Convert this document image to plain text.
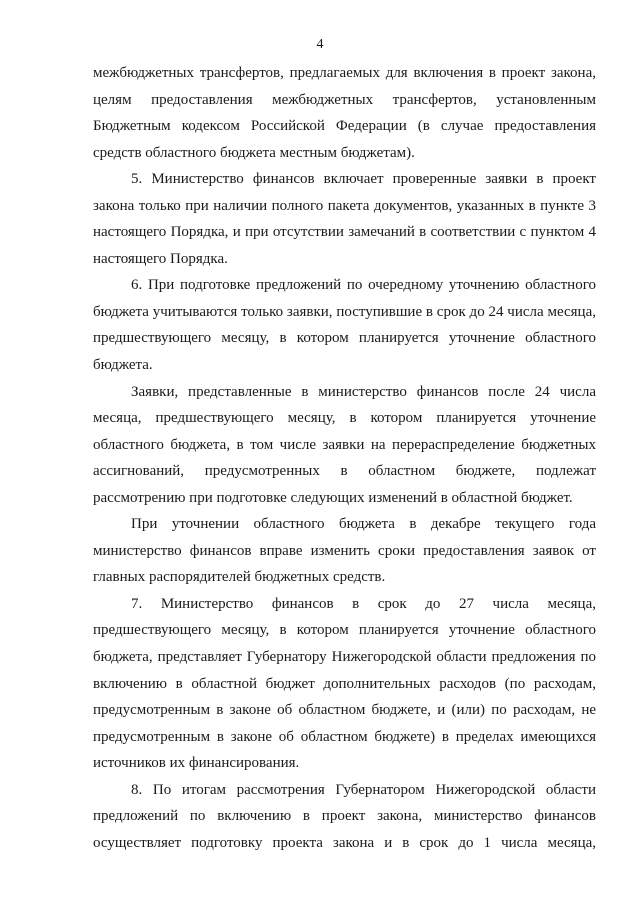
4

межбюджетных трансфертов, предлагаемых для включения в проект закона, целям предоставления межбюджетных трансфертов, установленным Бюджетным кодексом Российской Федерации (в случае предоставления средств областного бюджета местным бюджетам).

5. Министерство финансов включает проверенные заявки в проект закона только при наличии полного пакета документов, указанных в пункте 3 настоящего Порядка, и при отсутствии замечаний в соответствии с пунктом 4 настоящего Порядка.

6. При подготовке предложений по очередному уточнению областного бюджета учитываются только заявки, поступившие в срок до 24 числа месяца, предшествующего месяцу, в котором планируется уточнение областного бюджета.

Заявки, представленные в министерство финансов после 24 числа месяца, предшествующего месяцу, в котором планируется уточнение областного бюджета, в том числе заявки на перераспределение бюджетных ассигнований, предусмотренных в областном бюджете, подлежат рассмотрению при подготовке следующих изменений в областной бюджет.

При уточнении областного бюджета в декабре текущего года министерство финансов вправе изменить сроки предоставления заявок от главных распорядителей бюджетных средств.

7. Министерство финансов в срок до 27 числа месяца, предшествующего месяцу, в котором планируется уточнение областного бюджета, представляет Губернатору Нижегородской области предложения по включению в областной бюджет дополнительных расходов (по расходам, предусмотренным в законе об областном бюджете, и (или) по расходам, не предусмотренным в законе об областном бюджете) в пределах имеющихся источников их финансирования.

8. По итогам рассмотрения Губернатором Нижегородской области предложений по включению в проект закона, министерство финансов осуществляет подготовку проекта закона и в срок до 1 числа месяца,
